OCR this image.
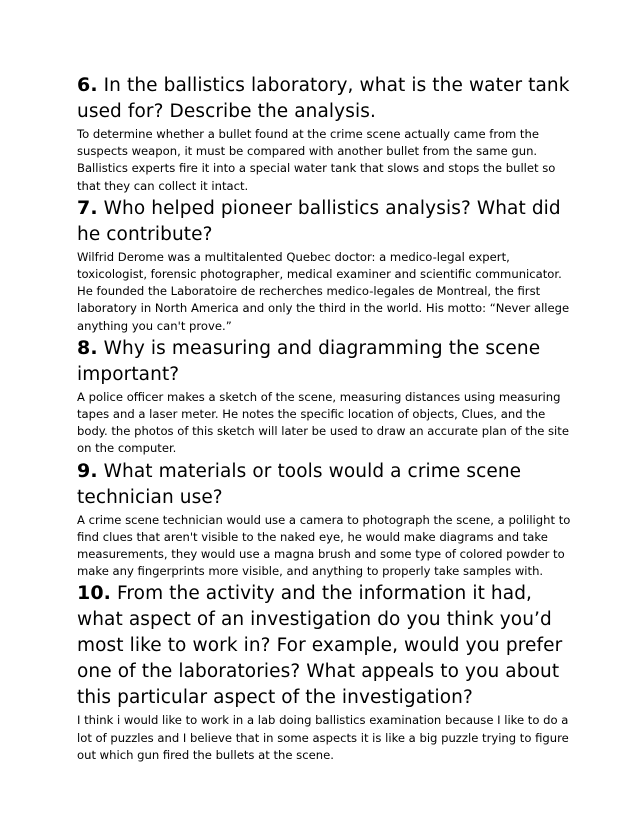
6. In the ballistics laboratory, what is the water tank used for? Describe the analysis.

To determine whether a bullet found at the crime scene actually came from the suspects weapon, it must be compared with another bullet from the same gun. Ballistics experts fire it into a special water tank that slows and stops the bullet so that they can collect it intact.

7. Who helped pioneer ballistics analysis? What did he contribute?

Wilfrid Derome was a multitalented Quebec doctor: a medico-legal expert, toxicologist, forensic photographer, medical examiner and scientific communicator. He founded the Laboratoire de recherches medico-legales de Montreal, the first laboratory in North America and only the third in the world. His motto: “Never allege anything you can't prove.”

8. Why is measuring and diagramming the scene important?

A police officer makes a sketch of the scene, measuring distances using measuring tapes and a laser meter. He notes the specific location of objects, Clues, and the body. the photos of this sketch will later be used to draw an accurate plan of the site on the computer.

9. What materials or tools would a crime scene technician use?

A crime scene technician would use a camera to photograph the scene, a polilight to find clues that aren't visible to the naked eye, he would make diagrams and take measurements, they would use a magna brush and some type of colored powder to make any fingerprints more visible, and anything to properly take samples with.

10. From the activity and the information it had, what aspect of an investigation do you think you’d most like to work in? For example, would you prefer one of the laboratories? What appeals to you about this particular aspect of the investigation?

I think i would like to work in a lab doing ballistics examination because I like to do a lot of puzzles and I believe that in some aspects it is like a big puzzle trying to figure out which gun fired the bullets at the scene.
